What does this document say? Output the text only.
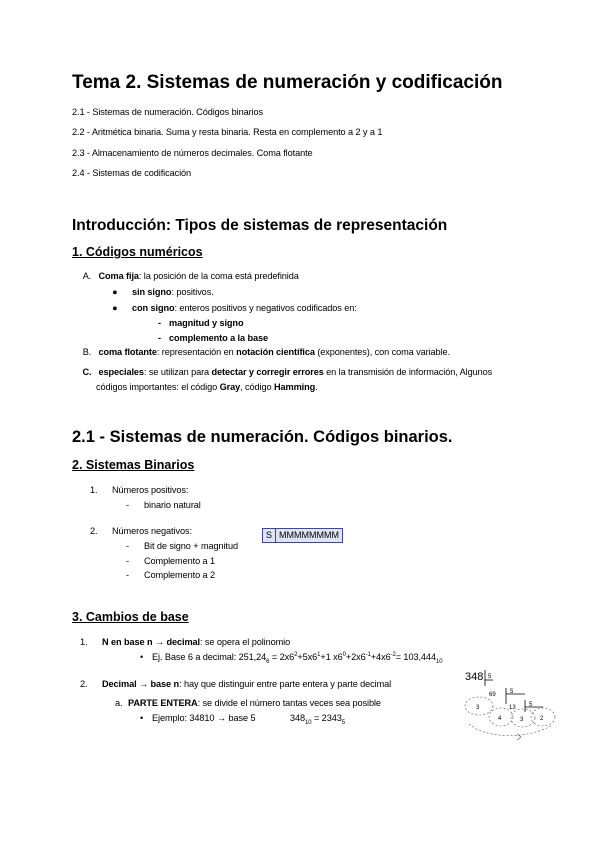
Tema 2. Sistemas de numeración y codificación
2.1 - Sistemas de numeración. Códigos binarios
2.2 - Aritmética binaria. Suma y resta binaria. Resta en complemento a 2 y a 1
2.3 - Almacenamiento de números decimales. Coma flotante
2.4 - Sistemas de codificación
Introducción: Tipos de sistemas de representación
1. Códigos numéricos
A. Coma fija: la posición de la coma está predefinida
● sin signo: positivos.
● con signo: enteros positivos y negativos codificados en:
- magnitud y signo
- complemento a la base
B. coma flotante: representación en notación científica (exponentes), con coma variable.
C. especiales: se utilizan para detectar y corregir errores en la transmisión de información, Algunos
códigos importantes: el código Gray, código Hamming.
2.1 - Sistemas de numeración. Códigos binarios.
2. Sistemas Binarios
1. Números positivos:
- binario natural
2. Números negativos:
- Bit de signo + magnitud
- Complemento a 1
- Complemento a 2
S MMMMMMMM
3. Cambios de base
1. N en base n → decimal: se opera el polinomio
• Ej. Base 6 a decimal: $251,24_6 = 2x6^2+5x6^1+1$ $x6^0+2x6^{-1}+4x6^{-2}= 103,444_{10}$
2. Decimal → base n: hay que distinguir entre parte entera y parte decimal
a. PARTE ENTERA: se divide el número tantas veces sea posible
• Ejemplo: 34810 → base 5	$348_{10} = 2343_5$
348 5
69 5
13 5
3
4	3	2
